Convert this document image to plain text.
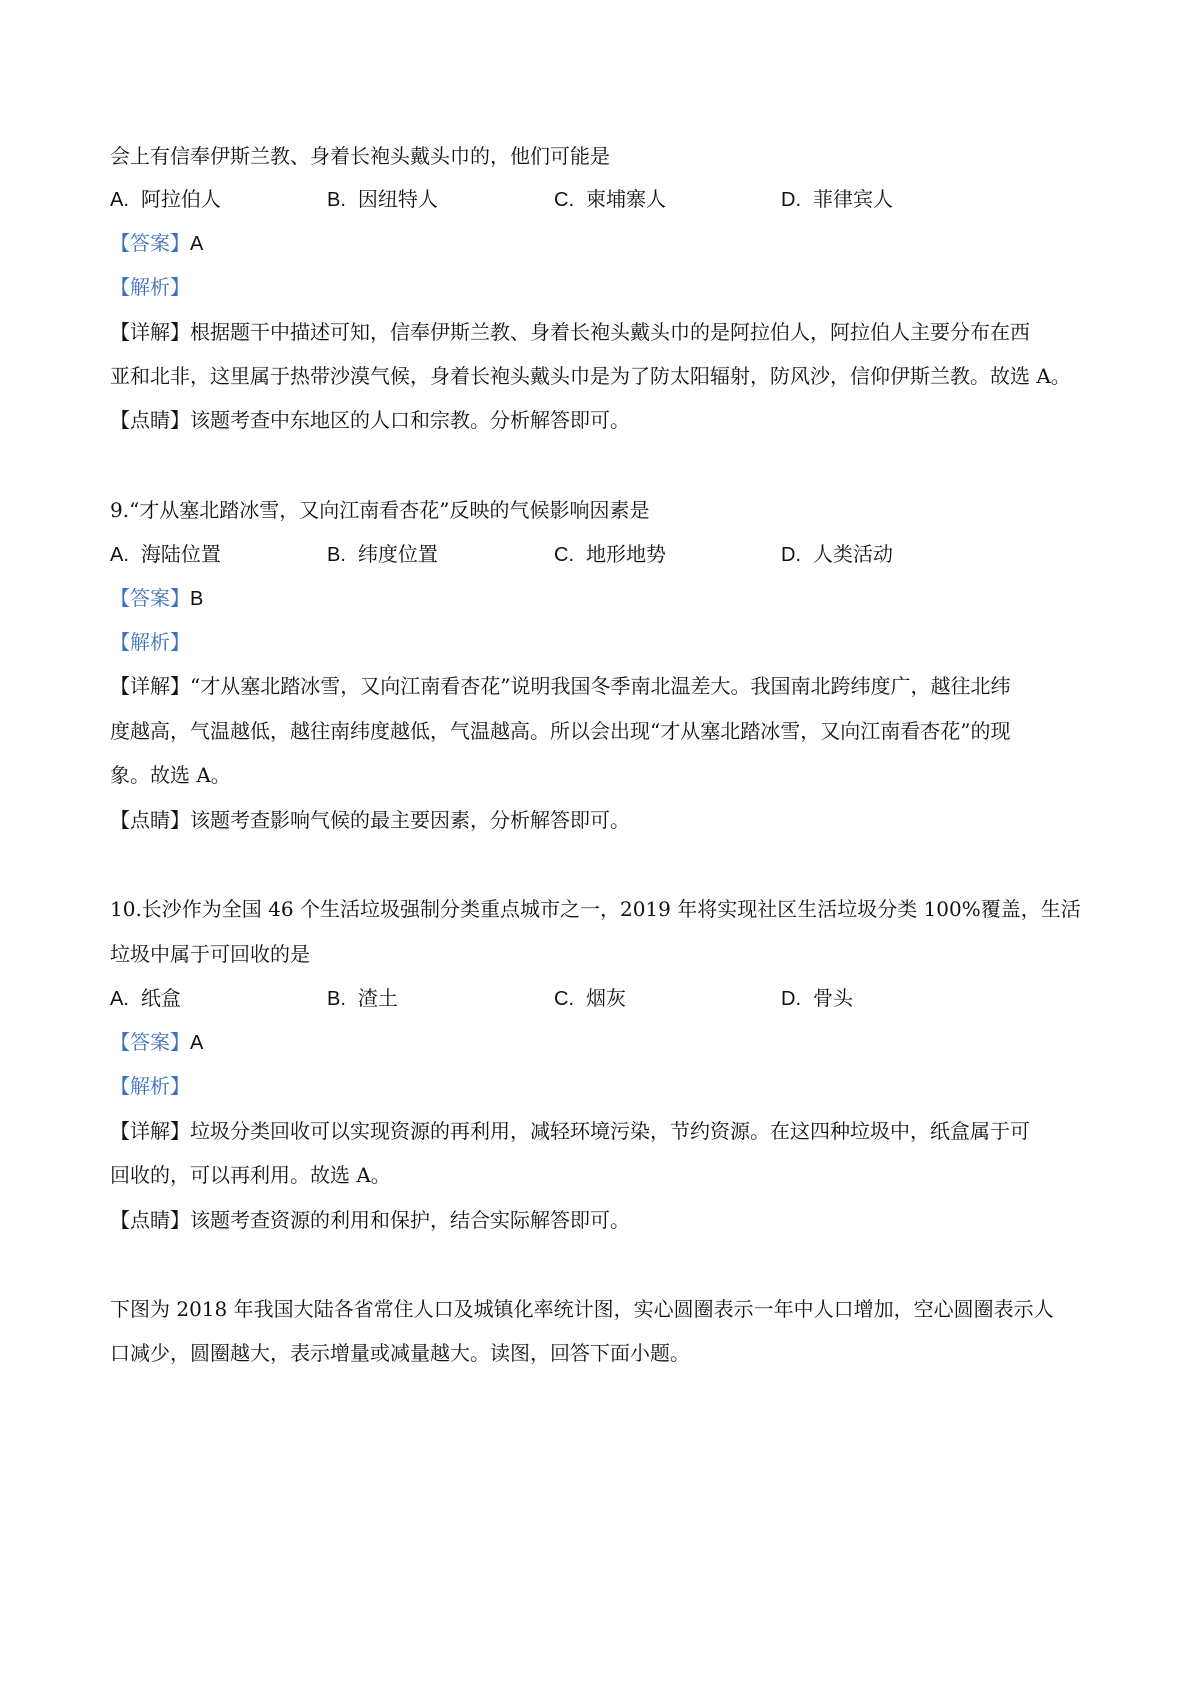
会上有信奉伊斯兰教、身着长袍头戴头巾的，他们可能是
A. 阿拉伯人	B. 因纽特人	C. 柬埔寨人	D. 菲律宾人
【答案】A
【解析】
【详解】根据题干中描述可知，信奉伊斯兰教、身着长袍头戴头巾的是阿拉伯人，阿拉伯人主要分布在西
亚和北非，这里属于热带沙漠气候，身着长袍头戴头巾是为了防太阳辐射，防风沙，信仰伊斯兰教。故选 A。
【点睛】该题考查中东地区的人口和宗教。分析解答即可。
9.“才从塞北踏冰雪，又向江南看杏花”反映的气候影响因素是
A. 海陆位置	B. 纬度位置	C. 地形地势	D. 人类活动
【答案】B
【解析】
【详解】“才从塞北踏冰雪，又向江南看杏花”说明我国冬季南北温差大。我国南北跨纬度广，越往北纬
度越高，气温越低，越往南纬度越低，气温越高。所以会出现“才从塞北踏冰雪，又向江南看杏花”的现
象。故选 A。
【点睛】该题考查影响气候的最主要因素，分析解答即可。
10.长沙作为全国 46 个生活垃圾强制分类重点城市之一，2019 年将实现社区生活垃圾分类 100%覆盖，生活
垃圾中属于可回收的是
A. 纸盒	B. 渣土	C. 烟灰	D. 骨头
【答案】A
【解析】
【详解】垃圾分类回收可以实现资源的再利用，减轻环境污染，节约资源。在这四种垃圾中，纸盒属于可
回收的，可以再利用。故选 A。
【点睛】该题考查资源的利用和保护，结合实际解答即可。
下图为 2018 年我国大陆各省常住人口及城镇化率统计图，实心圆圈表示一年中人口增加，空心圆圈表示人
口减少，圆圈越大，表示增量或减量越大。读图，回答下面小题。
